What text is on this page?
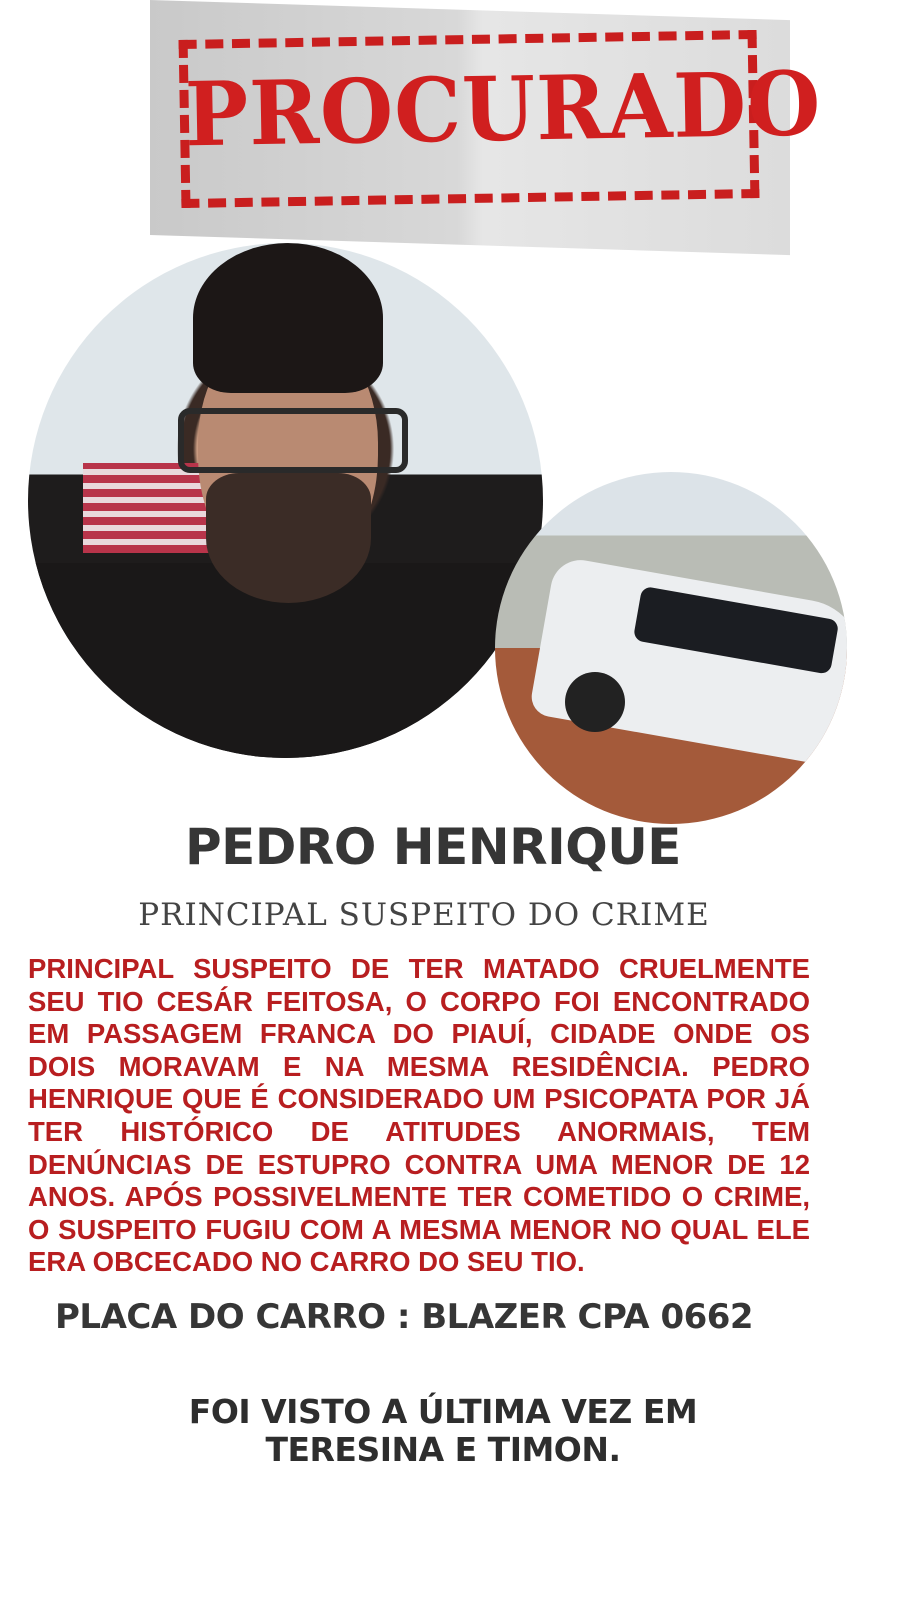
PROCURADO
PEDRO HENRIQUE
PRINCIPAL SUSPEITO DO CRIME
PRINCIPAL SUSPEITO DE TER MATADO CRUELMENTE SEU TIO CESÁR FEITOSA, O CORPO FOI ENCONTRADO EM PASSAGEM FRANCA DO PIAUÍ, CIDADE ONDE OS DOIS MORAVAM E NA MESMA RESIDÊNCIA. PEDRO HENRIQUE QUE É CONSIDERADO UM PSICOPATA POR JÁ TER HISTÓRICO DE ATITUDES ANORMAIS, TEM DENÚNCIAS DE ESTUPRO CONTRA UMA MENOR DE 12 ANOS. APÓS POSSIVELMENTE TER COMETIDO O CRIME, O SUSPEITO FUGIU COM A MESMA MENOR NO QUAL ELE ERA OBCECADO NO CARRO DO SEU TIO.
PLACA DO CARRO : BLAZER CPA 0662
FOI VISTO A ÚLTIMA VEZ EM
TERESINA E TIMON.
